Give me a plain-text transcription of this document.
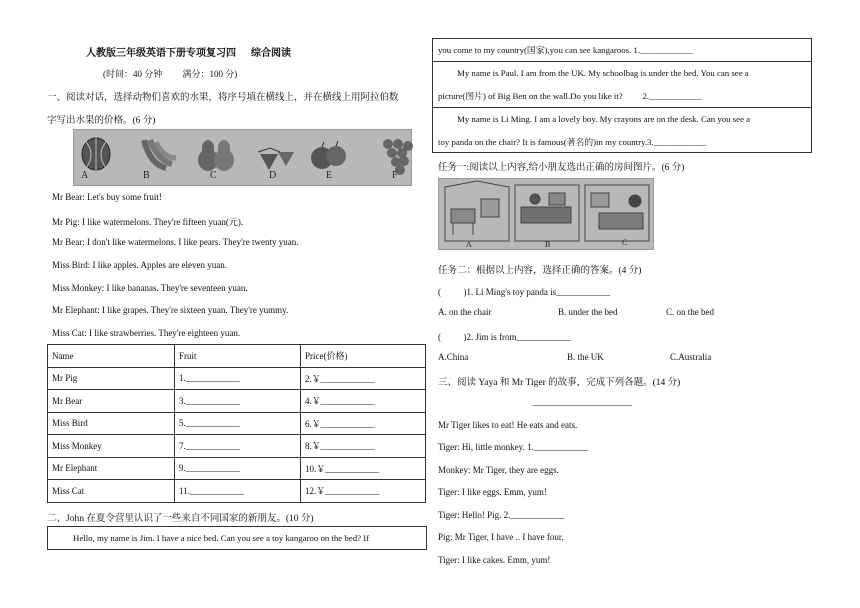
人教版三年级英语下册专项复习四 　 综合阅读
(时间：40 分钟 　　满分：100 分)
一、阅读对话，选择动物们喜欢的水果，将序号填在横线上，并在横线上用阿拉伯数
字写出水果的价格。(6 分)
A	B	C	D	E	F
Mr Bear: Let's buy some fruit!
Mr Pig: I like watermelons. They're fifteen yuan(元).
Mr Bear: I don't like watermelons. I like pears. They're twenty yuan.
Miss Bird: I like apples. Apples are eleven yuan.
Miss Monkey: I like bananas. They're seventeen yuan.
Mr Elephant: I like grapes. They're sixteen yuan. They're yummy.
Miss Cat: I like strawberries. They're eighteen yuan.
Name	Fruit	Price(价格)
Mr Pig	1.____________	2.￥____________
Mr Bear	3.____________	4.￥____________
Miss Bird	5.____________	6.￥____________
Miss Monkey	7.____________	8.￥____________
Mr Elephant	9.____________	10.￥____________
Miss Cat	11.____________	12.￥____________
二、John 在夏令营里认识了一些来自不同国家的新朋友。(10 分)
Hello, my name is Jim. I have a nice bed. Can you see a toy kangaroo on the bed? If
you come to my country(国家),you can see kangaroos. 1.____________
My name is Paul. I am from the UK. My schoolbag is under the bed. You can see a
picture(图片) of Big Ben on the wall.Do you like it? 　　2.____________
My name is Li Ming. I am a lovely boy. My crayons are on the desk. Can you see a
toy panda on the chair? It is famous(著名的)in my country.3.____________
任务一:阅读以上内容,给小朋友选出正确的房间图片。(6 分)
A	B	C
任务二：根据以上内容，选择正确的答案。(4 分)
( 　　 )1. Li Ming's toy panda is____________
A. on the chair	B. under the bed	C. on the bed
( 　　 )2. Jim is from____________
A.China	B. the UK	C.Australia
三、阅读 Yaya 和 Mr Tiger 的故事，完成下列各题。(14 分)
______________________
Mr Tiger likes to eat! He eats and eats.
Tiger: Hi, little monkey. 1.____________
Monkey: Mr Tiger, they are eggs.
Tiger: I like eggs. Emm, yum!
Tiger: Hello! Pig. 2.____________
Pig: Mr Tiger, I have .. I have four.
Tiger: I like cakes. Emm, yum!
